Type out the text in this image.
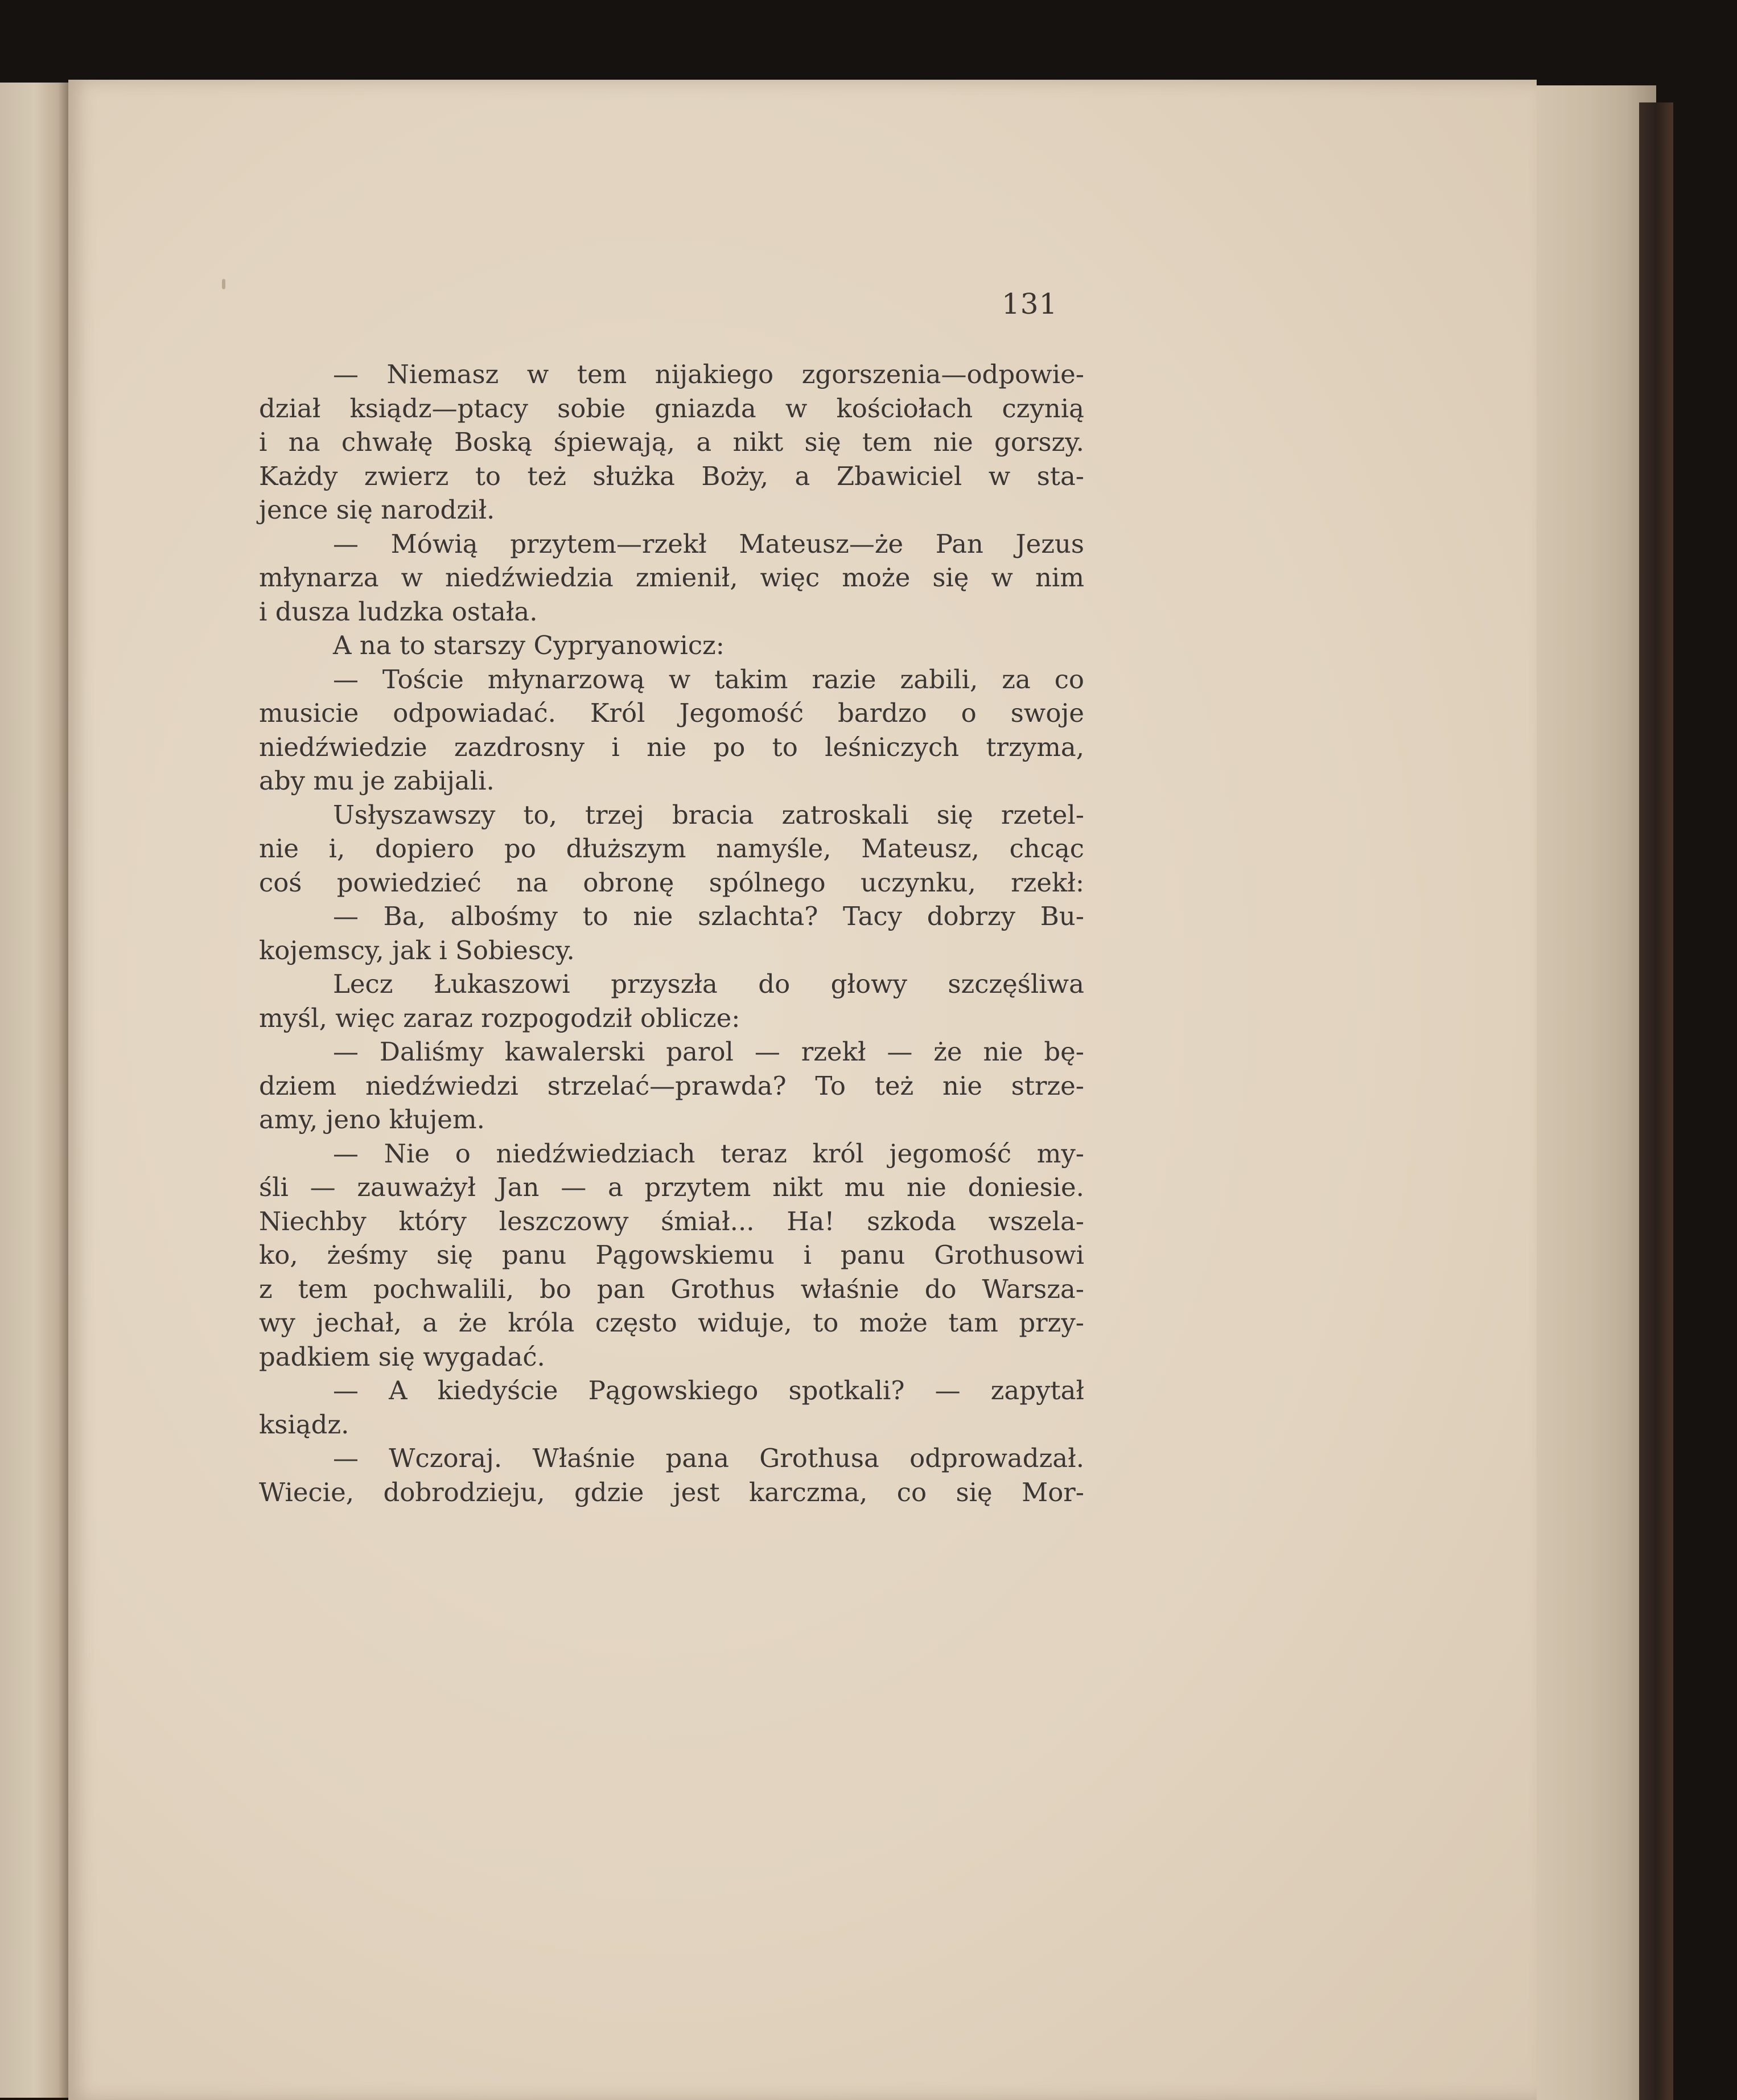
131
— Niemasz w tem nijakiego zgorszenia—odpowie-
dział ksiądz—ptacy sobie gniazda w kościołach czynią
i na chwałę Boską śpiewają, a nikt się tem nie gorszy.
Każdy zwierz to też służka Boży, a Zbawiciel w sta-
jence się narodził.
— Mówią przytem—rzekł Mateusz—że Pan Jezus
młynarza w niedźwiedzia zmienił, więc może się w nim
i dusza ludzka ostała.
A na to starszy Cypryanowicz:
— Toście młynarzową w takim razie zabili, za co
musicie odpowiadać. Król Jegomość bardzo o swoje
niedźwiedzie zazdrosny i nie po to leśniczych trzyma,
aby mu je zabijali.
Usłyszawszy to, trzej bracia zatroskali się rzetel-
nie i, dopiero po dłuższym namyśle, Mateusz, chcąc
coś powiedzieć na obronę spólnego uczynku, rzekł:
— Ba, albośmy to nie szlachta? Tacy dobrzy Bu-
kojemscy, jak i Sobiescy.
Lecz Łukaszowi przyszła do głowy szczęśliwa
myśl, więc zaraz rozpogodził oblicze:
— Daliśmy kawalerski parol — rzekł — że nie bę-
dziem niedźwiedzi strzelać—prawda? To też nie strze-
amy, jeno kłujem.
— Nie o niedźwiedziach teraz król jegomość my-
śli — zauważył Jan — a przytem nikt mu nie doniesie.
Niechby który leszczowy śmiał... Ha! szkoda wszela-
ko, żeśmy się panu Pągowskiemu i panu Grothusowi
z tem pochwalili, bo pan Grothus właśnie do Warsza-
wy jechał, a że króla często widuje, to może tam przy-
padkiem się wygadać.
— A kiedyście Pągowskiego spotkali? — zapytał
ksiądz.
— Wczoraj. Właśnie pana Grothusa odprowadzał.
Wiecie, dobrodzieju, gdzie jest karczma, co się Mor-
